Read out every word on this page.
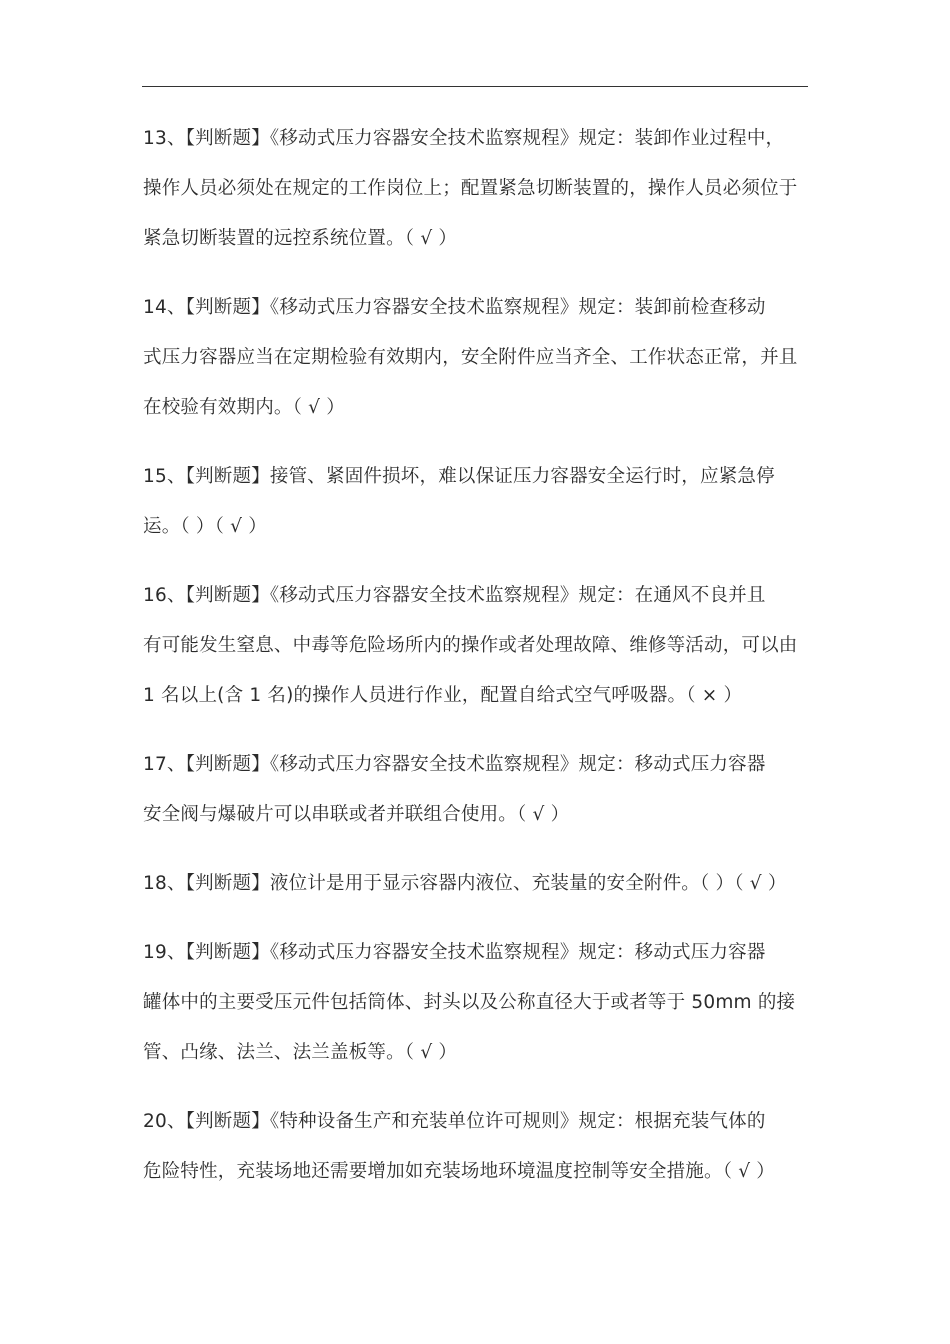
13、【判断题】《移动式压力容器安全技术监察规程》规定：装卸作业过程中，
操作人员必须处在规定的工作岗位上；配置紧急切断装置的，操作人员必须位于
紧急切断装置的远控系统位置。（ √ ）
14、【判断题】《移动式压力容器安全技术监察规程》规定：装卸前检查移动
式压力容器应当在定期检验有效期内，安全附件应当齐全、工作状态正常，并且
在校验有效期内。（ √ ）
15、【判断题】接管、紧固件损坏，难以保证压力容器安全运行时，应紧急停
运。（ ）（ √ ）
16、【判断题】《移动式压力容器安全技术监察规程》规定：在通风不良并且
有可能发生窒息、中毒等危险场所内的操作或者处理故障、维修等活动，可以由
1 名以上(含 1 名)的操作人员进行作业，配置自给式空气呼吸器。（ × ）
17、【判断题】《移动式压力容器安全技术监察规程》规定：移动式压力容器
安全阀与爆破片可以串联或者并联组合使用。（ √ ）
18、【判断题】液位计是用于显示容器内液位、充装量的安全附件。（ ）（ √ ）
19、【判断题】《移动式压力容器安全技术监察规程》规定：移动式压力容器
罐体中的主要受压元件包括筒体、封头以及公称直径大于或者等于 50mm 的接
管、凸缘、法兰、法兰盖板等。（ √ ）
20、【判断题】《特种设备生产和充装单位许可规则》规定：根据充装气体的
危险特性，充装场地还需要增加如充装场地环境温度控制等安全措施。（ √ ）
